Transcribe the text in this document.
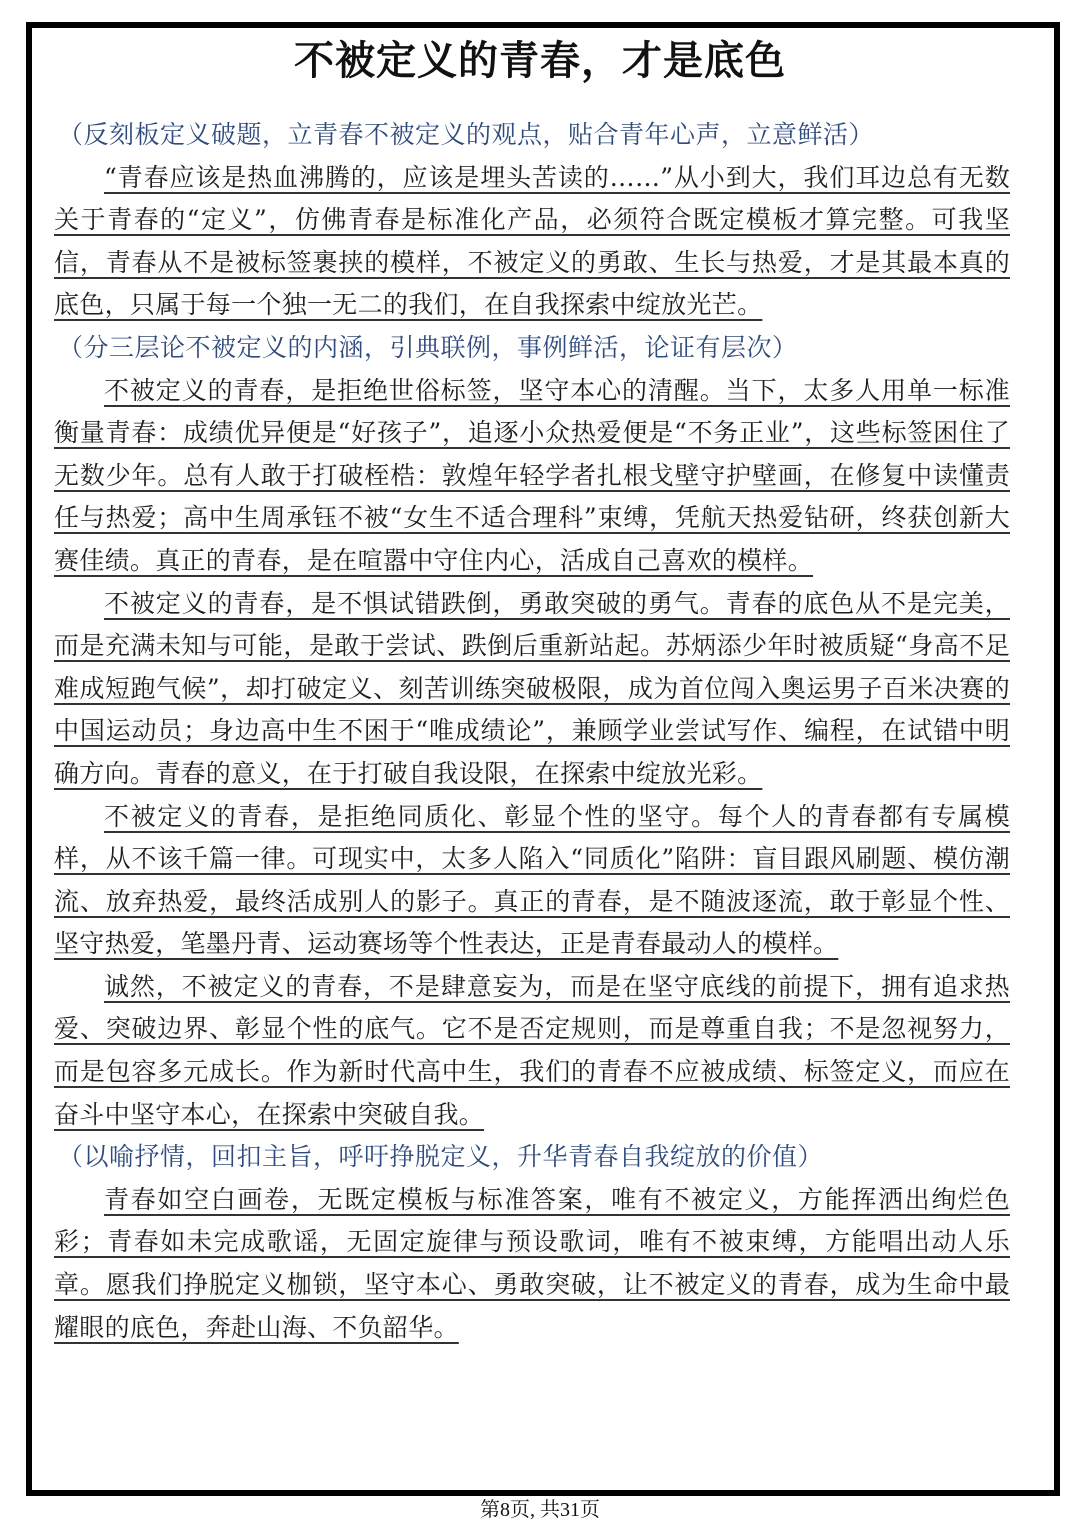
不被定义的青春，才是底色

（反刻板定义破题，立青春不被定义的观点，贴合青年心声，立意鲜活）

“青春应该是热血沸腾的，应该是埋头苦读的……”从小到大，我们耳边总有无数关于青春的“定义”，仿佛青春是标准化产品，必须符合既定模板才算完整。可我坚信，青春从不是被标签裹挟的模样，不被定义的勇敢、生长与热爱，才是其最本真的底色，只属于每一个独一无二的我们，在自我探索中绽放光芒。

（分三层论不被定义的内涵，引典联例，事例鲜活，论证有层次）

不被定义的青春，是拒绝世俗标签，坚守本心的清醒。当下，太多人用单一标准衡量青春：成绩优异便是“好孩子”，追逐小众热爱便是“不务正业”，这些标签困住了无数少年。总有人敢于打破桎梏：敦煌年轻学者扎根戈壁守护壁画，在修复中读懂责任与热爱；高中生周承钰不被“女生不适合理科”束缚，凭航天热爱钻研，终获创新大赛佳绩。真正的青春，是在喧嚣中守住内心，活成自己喜欢的模样。

不被定义的青春，是不惧试错跌倒，勇敢突破的勇气。青春的底色从不是完美，而是充满未知与可能，是敢于尝试、跌倒后重新站起。苏炳添少年时被质疑“身高不足难成短跑气候”，却打破定义、刻苦训练突破极限，成为首位闯入奥运男子百米决赛的中国运动员；身边高中生不困于“唯成绩论”，兼顾学业尝试写作、编程，在试错中明确方向。青春的意义，在于打破自我设限，在探索中绽放光彩。

不被定义的青春，是拒绝同质化、彰显个性的坚守。每个人的青春都有专属模样，从不该千篇一律。可现实中，太多人陷入“同质化”陷阱：盲目跟风刷题、模仿潮流、放弃热爱，最终活成别人的影子。真正的青春，是不随波逐流，敢于彰显个性、坚守热爱，笔墨丹青、运动赛场等个性表达，正是青春最动人的模样。

诚然，不被定义的青春，不是肆意妄为，而是在坚守底线的前提下，拥有追求热爱、突破边界、彰显个性的底气。它不是否定规则，而是尊重自我；不是忽视努力，而是包容多元成长。作为新时代高中生，我们的青春不应被成绩、标签定义，而应在奋斗中坚守本心，在探索中突破自我。

（以喻抒情，回扣主旨，呼吁挣脱定义，升华青春自我绽放的价值）

青春如空白画卷，无既定模板与标准答案，唯有不被定义，方能挥洒出绚烂色彩；青春如未完成歌谣，无固定旋律与预设歌词，唯有不被束缚，方能唱出动人乐章。愿我们挣脱定义枷锁，坚守本心、勇敢突破，让不被定义的青春，成为生命中最耀眼的底色，奔赴山海、不负韶华。

第8页, 共31页
